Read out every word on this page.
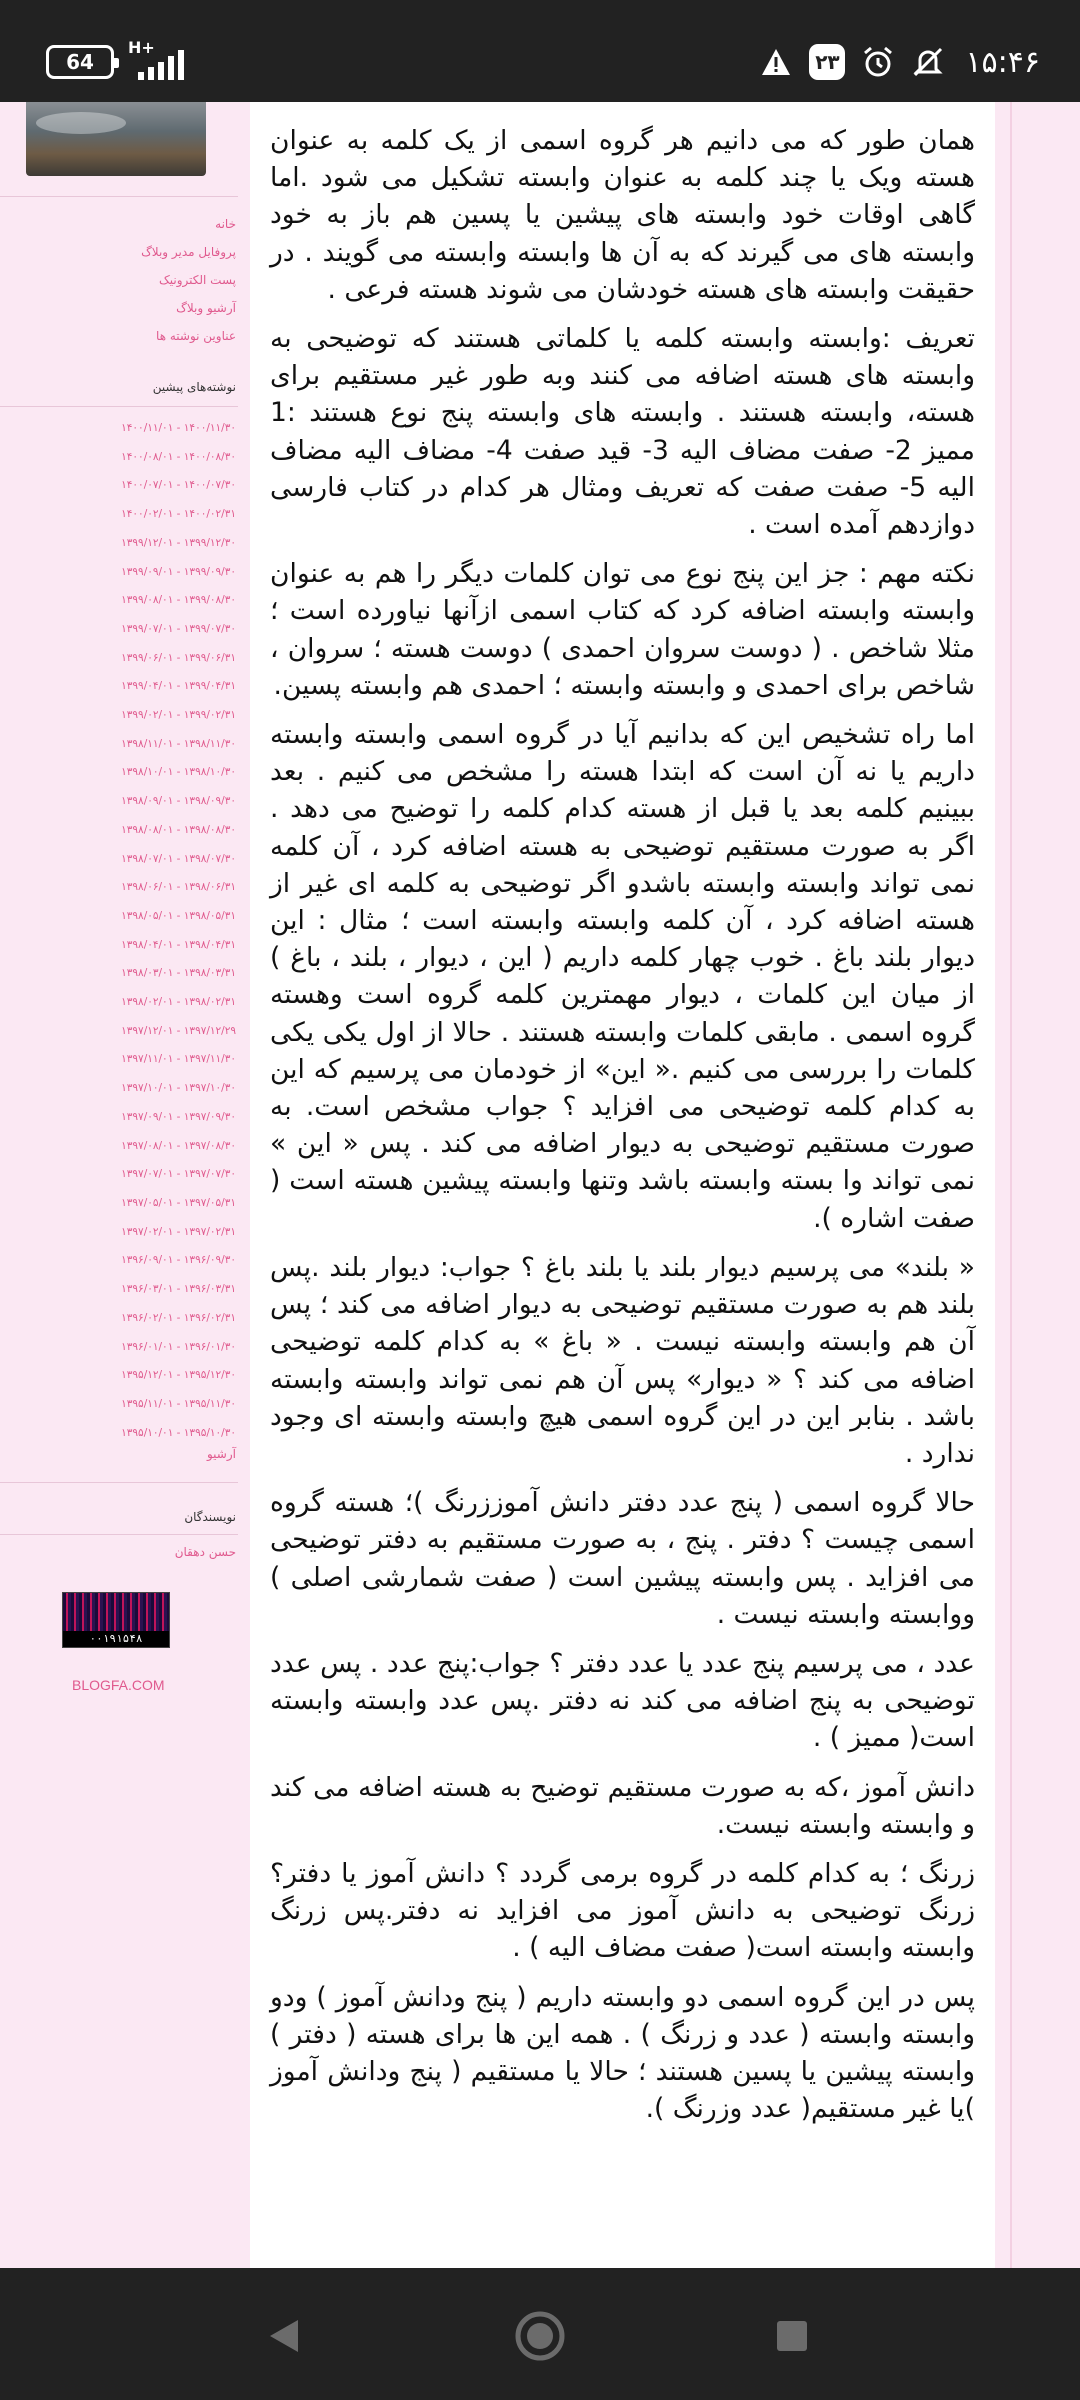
64
H+
۲۳	۱۵:۴۶
خانه
پروفایل مدیر وبلاگ
پست الکترونیک
آرشیو وبلاگ
عناوین نوشته ها
نوشته‌های پیشین
۱۴۰۰/۱۱/۰۱ - ۱۴۰۰/۱۱/۳۰
۱۴۰۰/۰۸/۰۱ - ۱۴۰۰/۰۸/۳۰
۱۴۰۰/۰۷/۰۱ - ۱۴۰۰/۰۷/۳۰
۱۴۰۰/۰۲/۰۱ - ۱۴۰۰/۰۲/۳۱
۱۳۹۹/۱۲/۰۱ - ۱۳۹۹/۱۲/۳۰
۱۳۹۹/۰۹/۰۱ - ۱۳۹۹/۰۹/۳۰
۱۳۹۹/۰۸/۰۱ - ۱۳۹۹/۰۸/۳۰
۱۳۹۹/۰۷/۰۱ - ۱۳۹۹/۰۷/۳۰
۱۳۹۹/۰۶/۰۱ - ۱۳۹۹/۰۶/۳۱
۱۳۹۹/۰۴/۰۱ - ۱۳۹۹/۰۴/۳۱
۱۳۹۹/۰۲/۰۱ - ۱۳۹۹/۰۲/۳۱
۱۳۹۸/۱۱/۰۱ - ۱۳۹۸/۱۱/۳۰
۱۳۹۸/۱۰/۰۱ - ۱۳۹۸/۱۰/۳۰
۱۳۹۸/۰۹/۰۱ - ۱۳۹۸/۰۹/۳۰
۱۳۹۸/۰۸/۰۱ - ۱۳۹۸/۰۸/۳۰
۱۳۹۸/۰۷/۰۱ - ۱۳۹۸/۰۷/۳۰
۱۳۹۸/۰۶/۰۱ - ۱۳۹۸/۰۶/۳۱
۱۳۹۸/۰۵/۰۱ - ۱۳۹۸/۰۵/۳۱
۱۳۹۸/۰۴/۰۱ - ۱۳۹۸/۰۴/۳۱
۱۳۹۸/۰۳/۰۱ - ۱۳۹۸/۰۳/۳۱
۱۳۹۸/۰۲/۰۱ - ۱۳۹۸/۰۲/۳۱
۱۳۹۷/۱۲/۰۱ - ۱۳۹۷/۱۲/۲۹
۱۳۹۷/۱۱/۰۱ - ۱۳۹۷/۱۱/۳۰
۱۳۹۷/۱۰/۰۱ - ۱۳۹۷/۱۰/۳۰
۱۳۹۷/۰۹/۰۱ - ۱۳۹۷/۰۹/۳۰
۱۳۹۷/۰۸/۰۱ - ۱۳۹۷/۰۸/۳۰
۱۳۹۷/۰۷/۰۱ - ۱۳۹۷/۰۷/۳۰
۱۳۹۷/۰۵/۰۱ - ۱۳۹۷/۰۵/۳۱
۱۳۹۷/۰۲/۰۱ - ۱۳۹۷/۰۲/۳۱
۱۳۹۶/۰۹/۰۱ - ۱۳۹۶/۰۹/۳۰
۱۳۹۶/۰۳/۰۱ - ۱۳۹۶/۰۳/۳۱
۱۳۹۶/۰۲/۰۱ - ۱۳۹۶/۰۲/۳۱
۱۳۹۶/۰۱/۰۱ - ۱۳۹۶/۰۱/۳۰
۱۳۹۵/۱۲/۰۱ - ۱۳۹۵/۱۲/۳۰
۱۳۹۵/۱۱/۰۱ - ۱۳۹۵/۱۱/۳۰
۱۳۹۵/۱۰/۰۱ - ۱۳۹۵/۱۰/۳۰
آرشیو
نویسندگان
حسن دهقان
۰۰۱۹۱۵۴۸
BLOGFA.COM

همان طور که می دانیم هر گروه اسمی از یک کلمه به عنوان هسته ویک یا چند کلمه به عنوان وابسته تشکیل می شود .اما گاهی اوقات خود وابسته های پیشین یا پسین هم باز به خود وابسته های می گیرند که به آن ها وابسته وابسته می گویند . در حقیقت وابسته های هسته خودشان می شوند هسته فرعی .

تعریف :وابسته وابسته کلمه یا کلماتی هستند که توضیحی به وابسته های هسته اضافه می کنند وبه طور غیر مستقیم برای هسته، وابسته هستند . وابسته های وابسته پنج نوع هستند :1 ممیز 2- صفت مضاف الیه 3- قید صفت 4- مضاف الیه مضاف الیه 5- صفت صفت که تعریف ومثال هر کدام در کتاب فارسی دوازدهم آمده است .

نکته مهم : جز این پنج نوع می توان کلمات دیگر را هم به عنوان وابسته وابسته اضافه کرد که کتاب اسمی ازآنها نیاورده است ؛ مثلا شاخص . ( دوست سروان احمدی ) دوست هسته ؛ سروان ، شاخص برای احمدی و وابسته وابسته ؛ احمدی هم وابسته پسین.

اما راه تشخیص این که بدانیم آیا در گروه اسمی وابسته وابسته داریم یا نه آن است که ابتدا هسته را مشخص می کنیم . بعد ببینیم کلمه بعد یا قبل از هسته کدام کلمه را توضیح می دهد . اگر به صورت مستقیم توضیحی به هسته اضافه کرد ، آن کلمه نمی تواند وابسته وابسته باشدو اگر توضیحی به کلمه ای غیر از هسته اضافه کرد ، آن کلمه وابسته وابسته است ؛ مثال : این دیوار بلند باغ . خوب چهار کلمه داریم ( این ، دیوار ، بلند ، باغ ) از میان این کلمات ، دیوار مهمترین کلمه گروه است وهسته گروه اسمی . مابقی کلمات وابسته هستند . حالا از اول یکی یکی کلمات را بررسی می کنیم .« این» از خودمان می پرسیم که این به کدام کلمه توضیحی می افزاید ؟ جواب مشخص است. به صورت مستقیم توضیحی به دیوار اضافه می کند . پس « این » نمی تواند وا بسته وابسته باشد وتنها وابسته پیشین هسته است ( صفت اشاره ).

« بلند» می پرسیم دیوار بلند یا بلند باغ ؟ جواب: دیوار بلند .پس بلند هم به صورت مستقیم توضیحی به دیوار اضافه می کند ؛ پس آن هم وابسته وابسته نیست . « باغ » به کدام کلمه توضیحی اضافه می کند ؟ « دیوار» پس آن هم نمی تواند وابسته وابسته باشد . بنابر این در این گروه اسمی هیچ وابسته وابسته ای وجود ندارد .

حالا گروه اسمی ( پنج عدد دفتر دانش آموززرنگ )؛ هسته گروه اسمی چیست ؟ دفتر . پنج ، به صورت مستقیم به دفتر توضیحی می افزاید . پس وابسته پیشین است ( صفت شمارشی اصلی ) ووابسته وابسته نیست .

عدد ، می پرسیم پنج عدد یا عدد دفتر ؟ جواب:پنج عدد . پس عدد توضیحی به پنج اضافه می کند نه دفتر .پس عدد وابسته وابسته است( ممیز ) .

دانش آموز ،که به صورت مستقیم توضیح به هسته اضافه می کند و وابسته وابسته نیست.

زرنگ ؛ به کدام کلمه در گروه برمی گردد ؟ دانش آموز یا دفتر؟ زرنگ توضیحی به دانش آموز می افزاید نه دفتر.پس زرنگ وابسته وابسته است( صفت مضاف الیه ) .

پس در این گروه اسمی دو وابسته داریم ( پنج ودانش آموز ) ودو وابسته وابسته ( عدد و زرنگ ) . همه این ها برای هسته ( دفتر ) وابسته پیشین یا پسین هستند ؛ حالا یا مستقیم ( پنج ودانش آموز )یا غیر مستقیم( عدد وزرنگ ).
